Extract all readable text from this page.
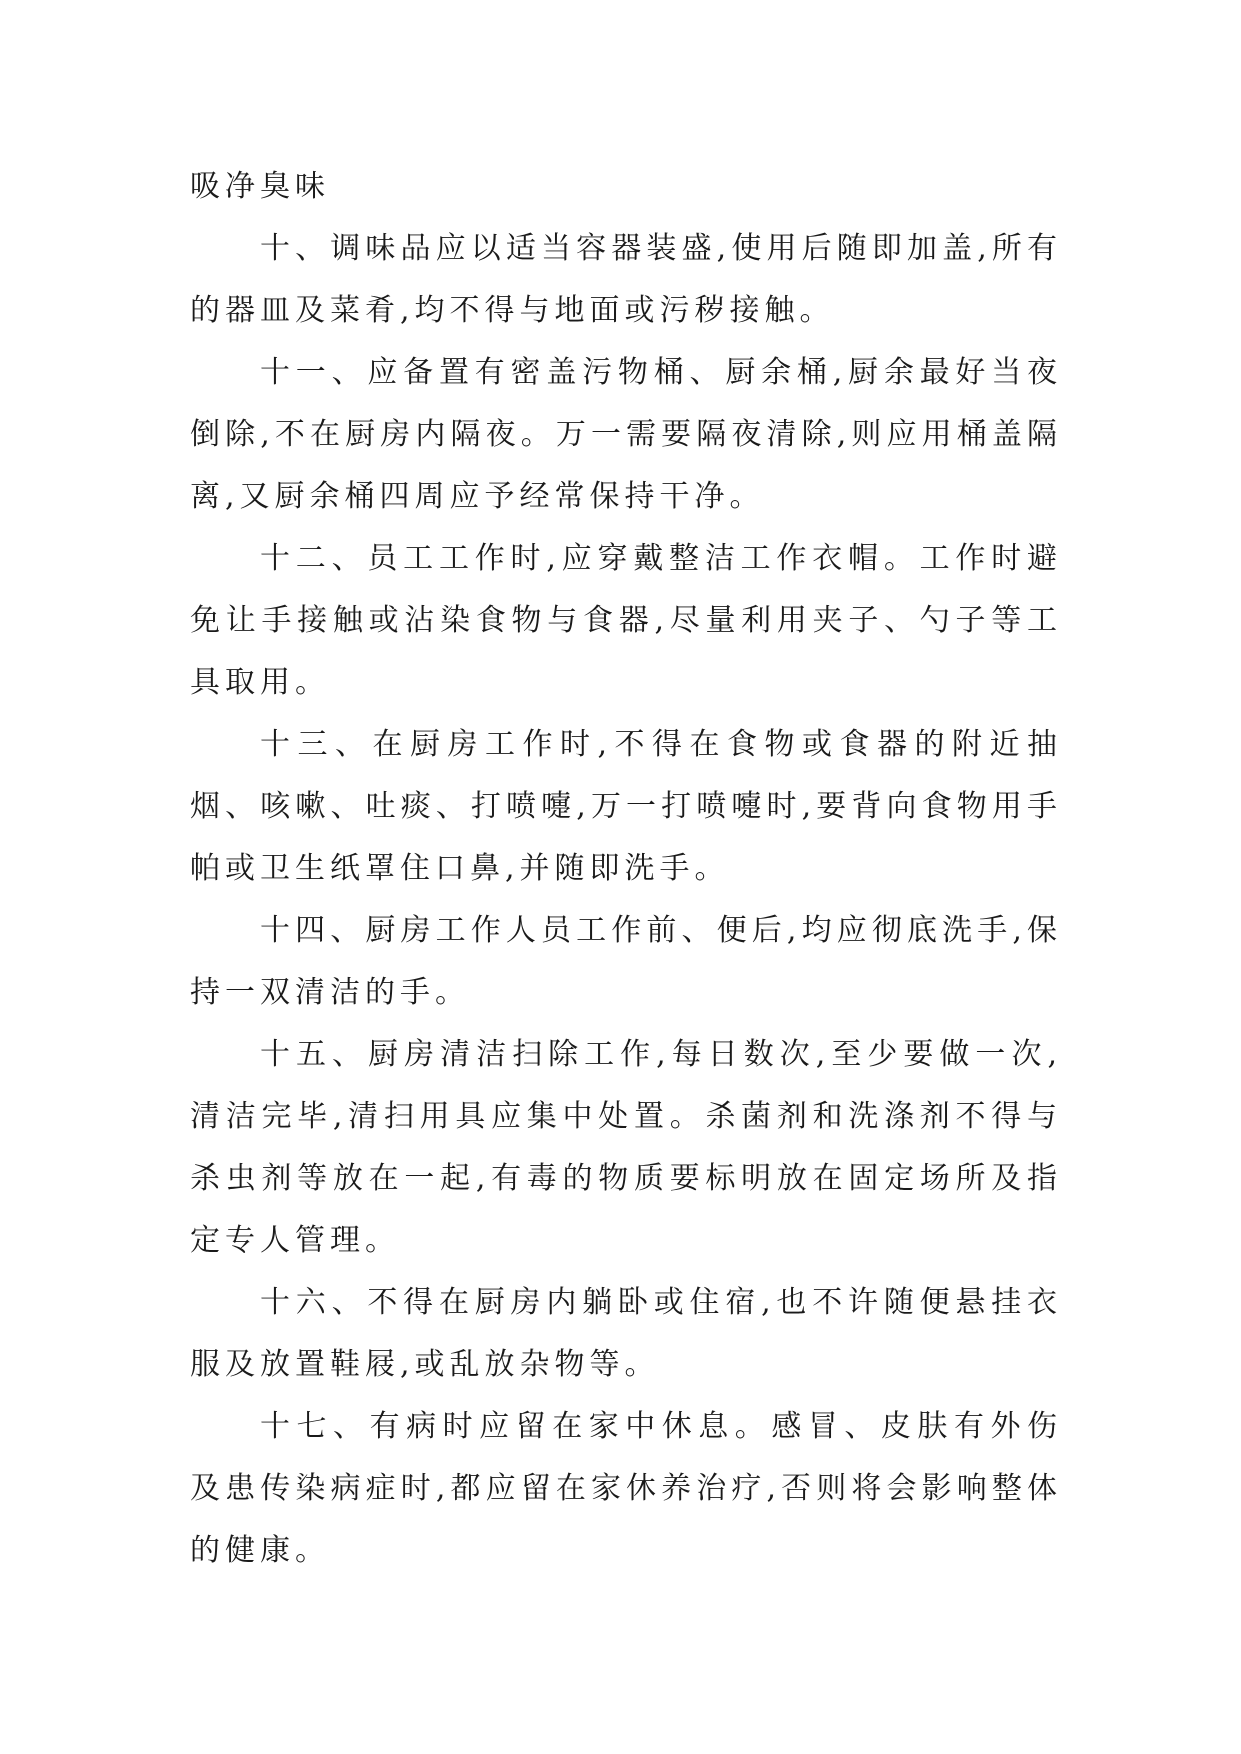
吸净臭味

十、调味品应以适当容器装盛,使用后随即加盖,所有的器皿及菜肴,均不得与地面或污秽接触。

十一、应备置有密盖污物桶、厨余桶,厨余最好当夜倒除,不在厨房内隔夜。万一需要隔夜清除,则应用桶盖隔离,又厨余桶四周应予经常保持干净。

十二、员工工作时,应穿戴整洁工作衣帽。工作时避免让手接触或沾染食物与食器,尽量利用夹子、勺子等工具取用。

十三、在厨房工作时,不得在食物或食器的附近抽烟、咳嗽、吐痰、打喷嚏,万一打喷嚏时,要背向食物用手帕或卫生纸罩住口鼻,并随即洗手。

十四、厨房工作人员工作前、便后,均应彻底洗手,保持一双清洁的手。

十五、厨房清洁扫除工作,每日数次,至少要做一次,清洁完毕,清扫用具应集中处置。杀菌剂和洗涤剂不得与杀虫剂等放在一起,有毒的物质要标明放在固定场所及指定专人管理。

十六、不得在厨房内躺卧或住宿,也不许随便悬挂衣服及放置鞋屐,或乱放杂物等。

十七、有病时应留在家中休息。感冒、皮肤有外伤及患传染病症时,都应留在家休养治疗,否则将会影响整体的健康。
